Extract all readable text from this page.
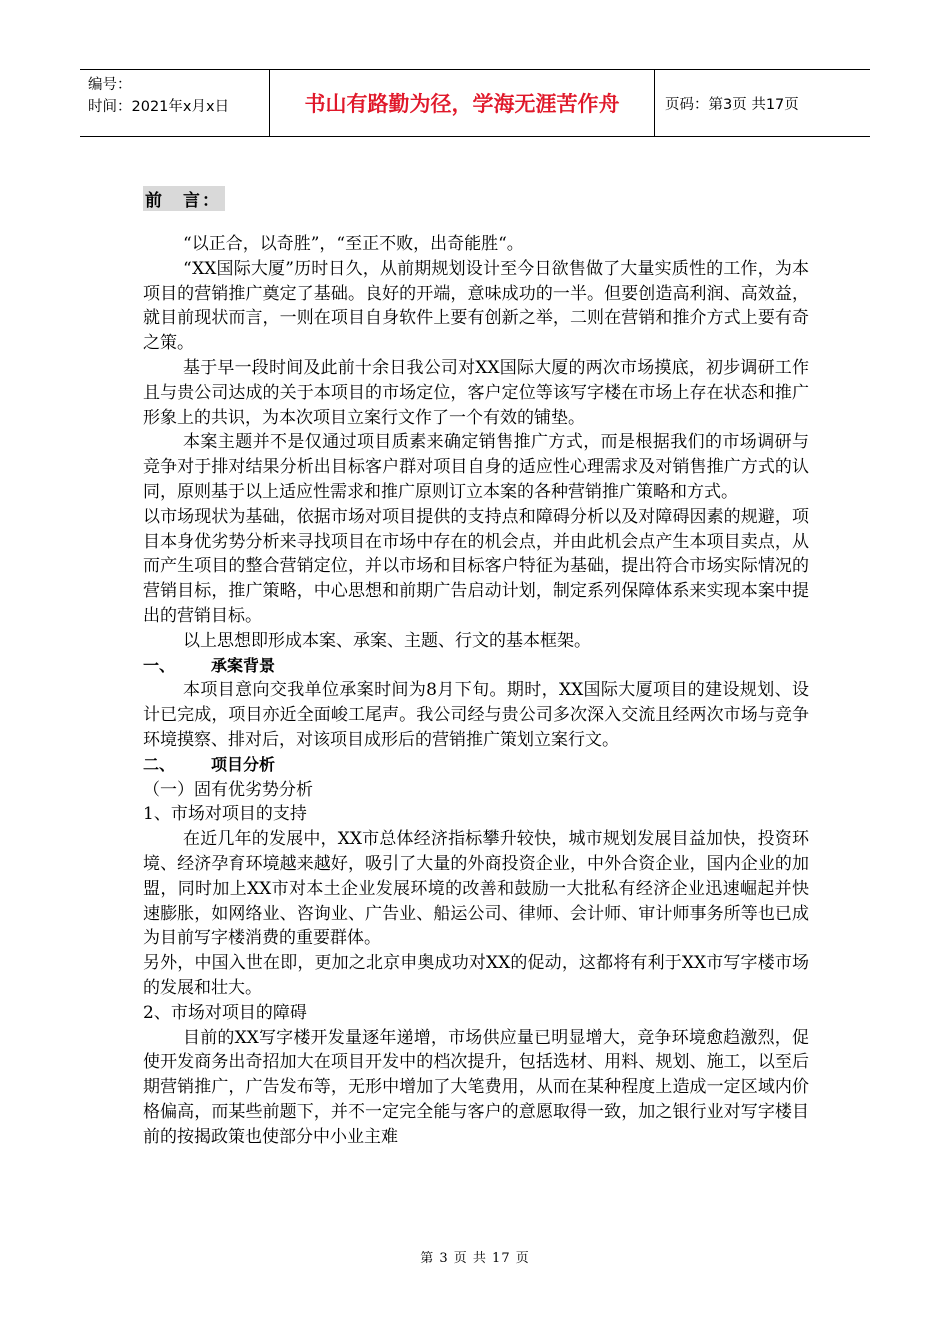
编号：
时间：2021年x月x日	书山有路勤为径，学海无涯苦作舟	页码：第3页 共17页
前　言：

“以正合，以奇胜”，“至正不败，出奇能胜“。

“XX国际大厦”历时日久，从前期规划设计至今日欲售做了大量实质性的工作，为本项目的营销推广奠定了基础。良好的开端，意味成功的一半。但要创造高利润、高效益，就目前现状而言，一则在项目自身软件上要有创新之举，二则在营销和推介方式上要有奇之策。

基于早一段时间及此前十余日我公司对XX国际大厦的两次市场摸底，初步调研工作且与贵公司达成的关于本项目的市场定位，客户定位等该写字楼在市场上存在状态和推广形象上的共识，为本次项目立案行文作了一个有效的铺垫。

本案主题并不是仅通过项目质素来确定销售推广方式，而是根据我们的市场调研与竞争对于排对结果分析出目标客户群对项目自身的适应性心理需求及对销售推广方式的认同，原则基于以上适应性需求和推广原则订立本案的各种营销推广策略和方式。

以市场现状为基础，依据市场对项目提供的支持点和障碍分析以及对障碍因素的规避，项目本身优劣势分析来寻找项目在市场中存在的机会点，并由此机会点产生本项目卖点，从而产生项目的整合营销定位，并以市场和目标客户特征为基础，提出符合市场实际情况的营销目标，推广策略，中心思想和前期广告启动计划，制定系列保障体系来实现本案中提出的营销目标。

以上思想即形成本案、承案、主题、行文的基本框架。

一、 承案背景

本项目意向交我单位承案时间为8月下旬。期时，XX国际大厦项目的建设规划、设计已完成，项目亦近全面峻工尾声。我公司经与贵公司多次深入交流且经两次市场与竞争环境摸察、排对后，对该项目成形后的营销推广策划立案行文。

二、 项目分析

（一）固有优劣势分析

1、市场对项目的支持

在近几年的发展中，XX市总体经济指标攀升较快，城市规划发展目益加快，投资环境、经济孕育环境越来越好，吸引了大量的外商投资企业，中外合资企业，国内企业的加盟，同时加上XX市对本土企业发展环境的改善和鼓励一大批私有经济企业迅速崛起并快速膨胀，如网络业、咨询业、广告业、船运公司、律师、会计师、审计师事务所等也已成为目前写字楼消费的重要群体。

另外，中国入世在即，更加之北京申奥成功对XX的促动，这都将有利于XX市写字楼市场的发展和壮大。

2、市场对项目的障碍

目前的XX写字楼开发量逐年递增，市场供应量已明显增大，竞争环境愈趋激烈，促使开发商务出奇招加大在项目开发中的档次提升，包括选材、用料、规划、施工，以至后期营销推广，广告发布等，无形中增加了大笔费用，从而在某种程度上造成一定区域内价格偏高，而某些前题下，并不一定完全能与客户的意愿取得一致，加之银行业对写字楼目前的按揭政策也使部分中小业主难

第 3 页 共 17 页
